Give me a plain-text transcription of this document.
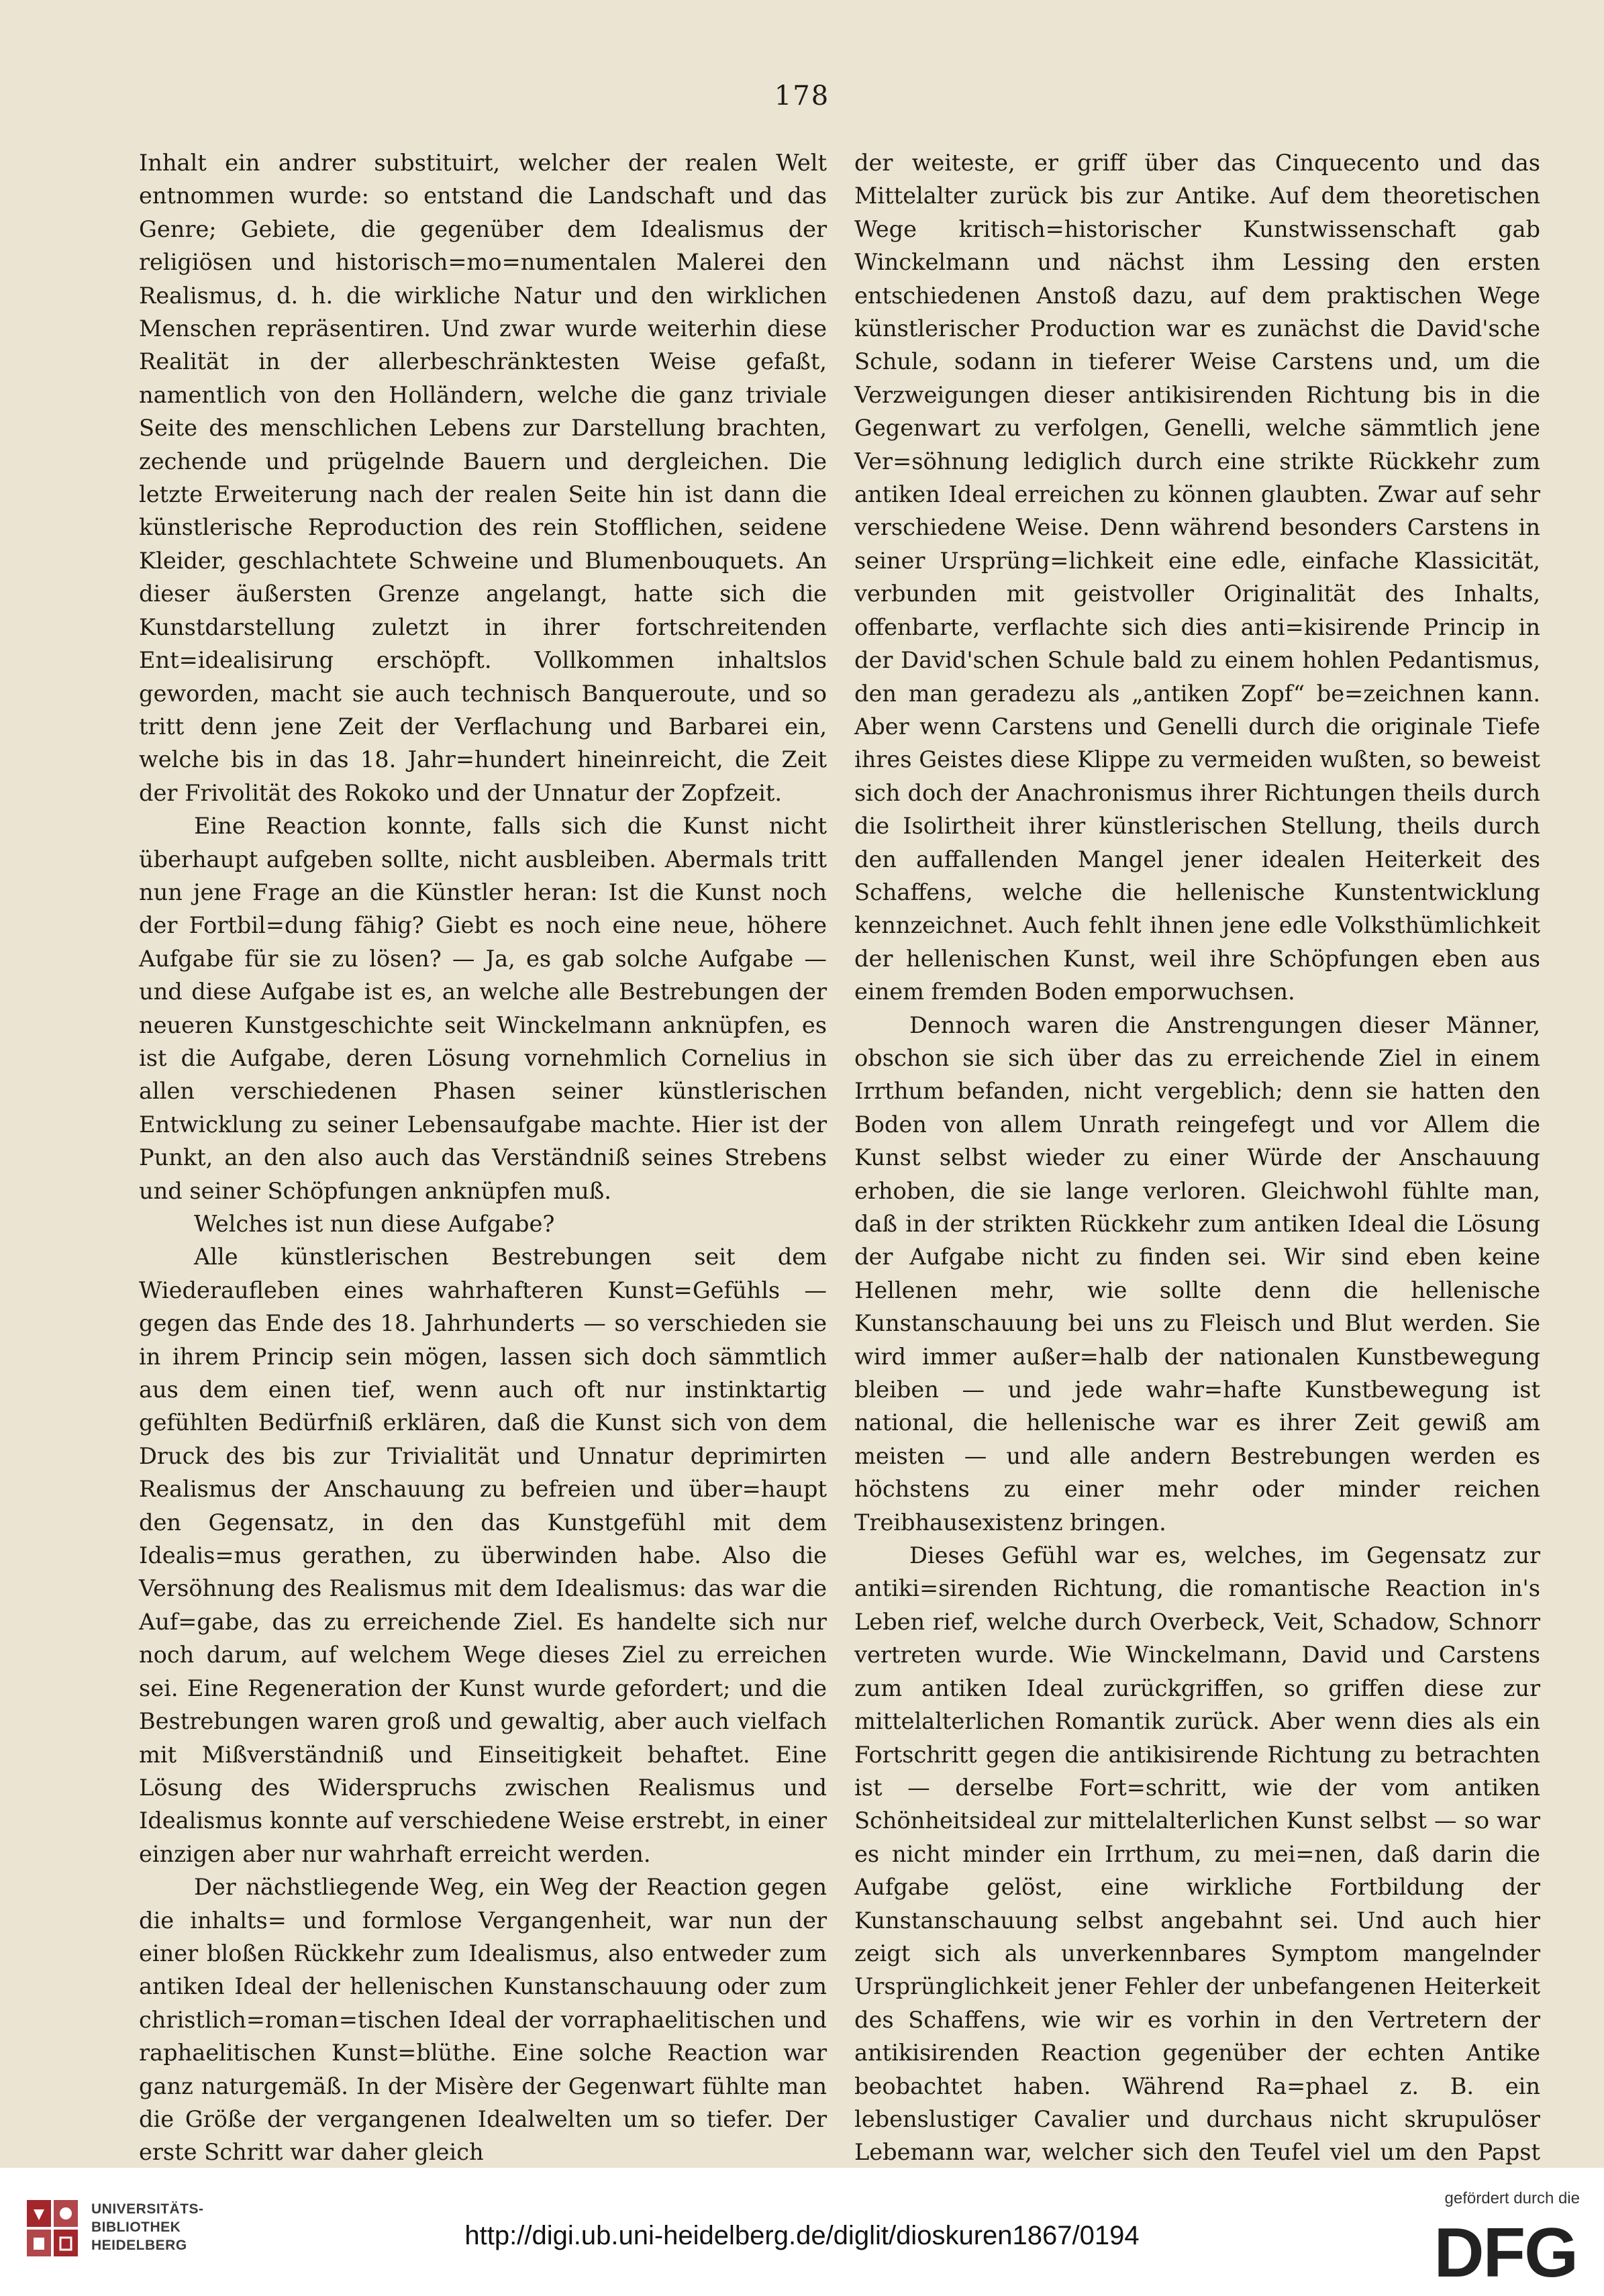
178

Inhalt ein andrer substituirt, welcher der realen Welt entnommen wurde: so entstand die Landschaft und das Genre; Gebiete, die gegenüber dem Idealismus der religiösen und historisch=mo=numentalen Malerei den Realismus, d. h. die wirkliche Natur und den wirklichen Menschen repräsentiren. Und zwar wurde weiterhin diese Realität in der allerbeschränktesten Weise gefaßt, namentlich von den Holländern, welche die ganz triviale Seite des menschlichen Lebens zur Darstellung brachten, zechende und prügelnde Bauern und dergleichen. Die letzte Erweiterung nach der realen Seite hin ist dann die künstlerische Reproduction des rein Stofflichen, seidene Kleider, geschlachtete Schweine und Blumenbouquets. An dieser äußersten Grenze angelangt, hatte sich die Kunstdarstellung zuletzt in ihrer fortschreitenden Ent=idealisirung erschöpft. Vollkommen inhaltslos geworden, macht sie auch technisch Banqueroute, und so tritt denn jene Zeit der Verflachung und Barbarei ein, welche bis in das 18. Jahr=hundert hineinreicht, die Zeit der Frivolität des Rokoko und der Unnatur der Zopfzeit.

Eine Reaction konnte, falls sich die Kunst nicht überhaupt aufgeben sollte, nicht ausbleiben. Abermals tritt nun jene Frage an die Künstler heran: Ist die Kunst noch der Fortbil=dung fähig? Giebt es noch eine neue, höhere Aufgabe für sie zu lösen? — Ja, es gab solche Aufgabe — und diese Aufgabe ist es, an welche alle Bestrebungen der neueren Kunstgeschichte seit Winckelmann anknüpfen, es ist die Aufgabe, deren Lösung vornehmlich Cornelius in allen verschiedenen Phasen seiner künstlerischen Entwicklung zu seiner Lebensaufgabe machte. Hier ist der Punkt, an den also auch das Verständniß seines Strebens und seiner Schöpfungen anknüpfen muß.

Welches ist nun diese Aufgabe?

Alle künstlerischen Bestrebungen seit dem Wiederaufleben eines wahrhafteren Kunst=Gefühls — gegen das Ende des 18. Jahrhunderts — so verschieden sie in ihrem Princip sein mögen, lassen sich doch sämmtlich aus dem einen tief, wenn auch oft nur instinktartig gefühlten Bedürfniß erklären, daß die Kunst sich von dem Druck des bis zur Trivialität und Unnatur deprimirten Realismus der Anschauung zu befreien und über=haupt den Gegensatz, in den das Kunstgefühl mit dem Idealis=mus gerathen, zu überwinden habe. Also die Versöhnung des Realismus mit dem Idealismus: das war die Auf=gabe, das zu erreichende Ziel. Es handelte sich nur noch darum, auf welchem Wege dieses Ziel zu erreichen sei. Eine Regeneration der Kunst wurde gefordert; und die Bestrebungen waren groß und gewaltig, aber auch vielfach mit Mißverständniß und Einseitigkeit behaftet. Eine Lösung des Widerspruchs zwischen Realismus und Idealismus konnte auf verschiedene Weise erstrebt, in einer einzigen aber nur wahrhaft erreicht werden.

Der nächstliegende Weg, ein Weg der Reaction gegen die inhalts= und formlose Vergangenheit, war nun der einer bloßen Rückkehr zum Idealismus, also entweder zum antiken Ideal der hellenischen Kunstanschauung oder zum christlich=roman=tischen Ideal der vorraphaelitischen und raphaelitischen Kunst=blüthe. Eine solche Reaction war ganz naturgemäß. In der Misère der Gegenwart fühlte man die Größe der vergangenen Idealwelten um so tiefer. Der erste Schritt war daher gleich

der weiteste, er griff über das Cinquecento und das Mittelalter zurück bis zur Antike. Auf dem theoretischen Wege kritisch=historischer Kunstwissenschaft gab Winckelmann und nächst ihm Lessing den ersten entschiedenen Anstoß dazu, auf dem praktischen Wege künstlerischer Production war es zunächst die David'sche Schule, sodann in tieferer Weise Carstens und, um die Verzweigungen dieser antikisirenden Richtung bis in die Gegenwart zu verfolgen, Genelli, welche sämmtlich jene Ver=söhnung lediglich durch eine strikte Rückkehr zum antiken Ideal erreichen zu können glaubten. Zwar auf sehr verschiedene Weise. Denn während besonders Carstens in seiner Ursprüng=lichkeit eine edle, einfache Klassicität, verbunden mit geistvoller Originalität des Inhalts, offenbarte, verflachte sich dies anti=kisirende Princip in der David'schen Schule bald zu einem hohlen Pedantismus, den man geradezu als „antiken Zopf“ be=zeichnen kann. Aber wenn Carstens und Genelli durch die originale Tiefe ihres Geistes diese Klippe zu vermeiden wußten, so beweist sich doch der Anachronismus ihrer Richtungen theils durch die Isolirtheit ihrer künstlerischen Stellung, theils durch den auffallenden Mangel jener idealen Heiterkeit des Schaffens, welche die hellenische Kunstentwicklung kennzeichnet. Auch fehlt ihnen jene edle Volksthümlichkeit der hellenischen Kunst, weil ihre Schöpfungen eben aus einem fremden Boden emporwuchsen.

Dennoch waren die Anstrengungen dieser Männer, obschon sie sich über das zu erreichende Ziel in einem Irrthum befanden, nicht vergeblich; denn sie hatten den Boden von allem Unrath reingefegt und vor Allem die Kunst selbst wieder zu einer Würde der Anschauung erhoben, die sie lange verloren. Gleichwohl fühlte man, daß in der strikten Rückkehr zum antiken Ideal die Lösung der Aufgabe nicht zu finden sei. Wir sind eben keine Hellenen mehr, wie sollte denn die hellenische Kunstanschauung bei uns zu Fleisch und Blut werden. Sie wird immer außer=halb der nationalen Kunstbewegung bleiben — und jede wahr=hafte Kunstbewegung ist national, die hellenische war es ihrer Zeit gewiß am meisten — und alle andern Bestrebungen werden es höchstens zu einer mehr oder minder reichen Treibhausexistenz bringen.

Dieses Gefühl war es, welches, im Gegensatz zur antiki=sirenden Richtung, die romantische Reaction in's Leben rief, welche durch Overbeck, Veit, Schadow, Schnorr vertreten wurde. Wie Winckelmann, David und Carstens zum antiken Ideal zurückgriffen, so griffen diese zur mittelalterlichen Romantik zurück. Aber wenn dies als ein Fortschritt gegen die antikisirende Richtung zu betrachten ist — derselbe Fort=schritt, wie der vom antiken Schönheitsideal zur mittelalterlichen Kunst selbst — so war es nicht minder ein Irrthum, zu mei=nen, daß darin die Aufgabe gelöst, eine wirkliche Fortbildung der Kunstanschauung selbst angebahnt sei. Und auch hier zeigt sich als unverkennbares Symptom mangelnder Ursprünglichkeit jener Fehler der unbefangenen Heiterkeit des Schaffens, wie wir es vorhin in den Vertretern der antikisirenden Reaction gegenüber der echten Antike beobachtet haben. Während Ra=phael z. B. ein lebenslustiger Cavalier und durchaus nicht skrupulöser Lebemann war, welcher sich den Teufel viel um den Papst

UNIVERSITÄTS-
BIBLIOTHEK
HEIDELBERG	http://digi.ub.uni-heidelberg.de/diglit/dioskuren1867/0194
gefördert durch die
DFG
